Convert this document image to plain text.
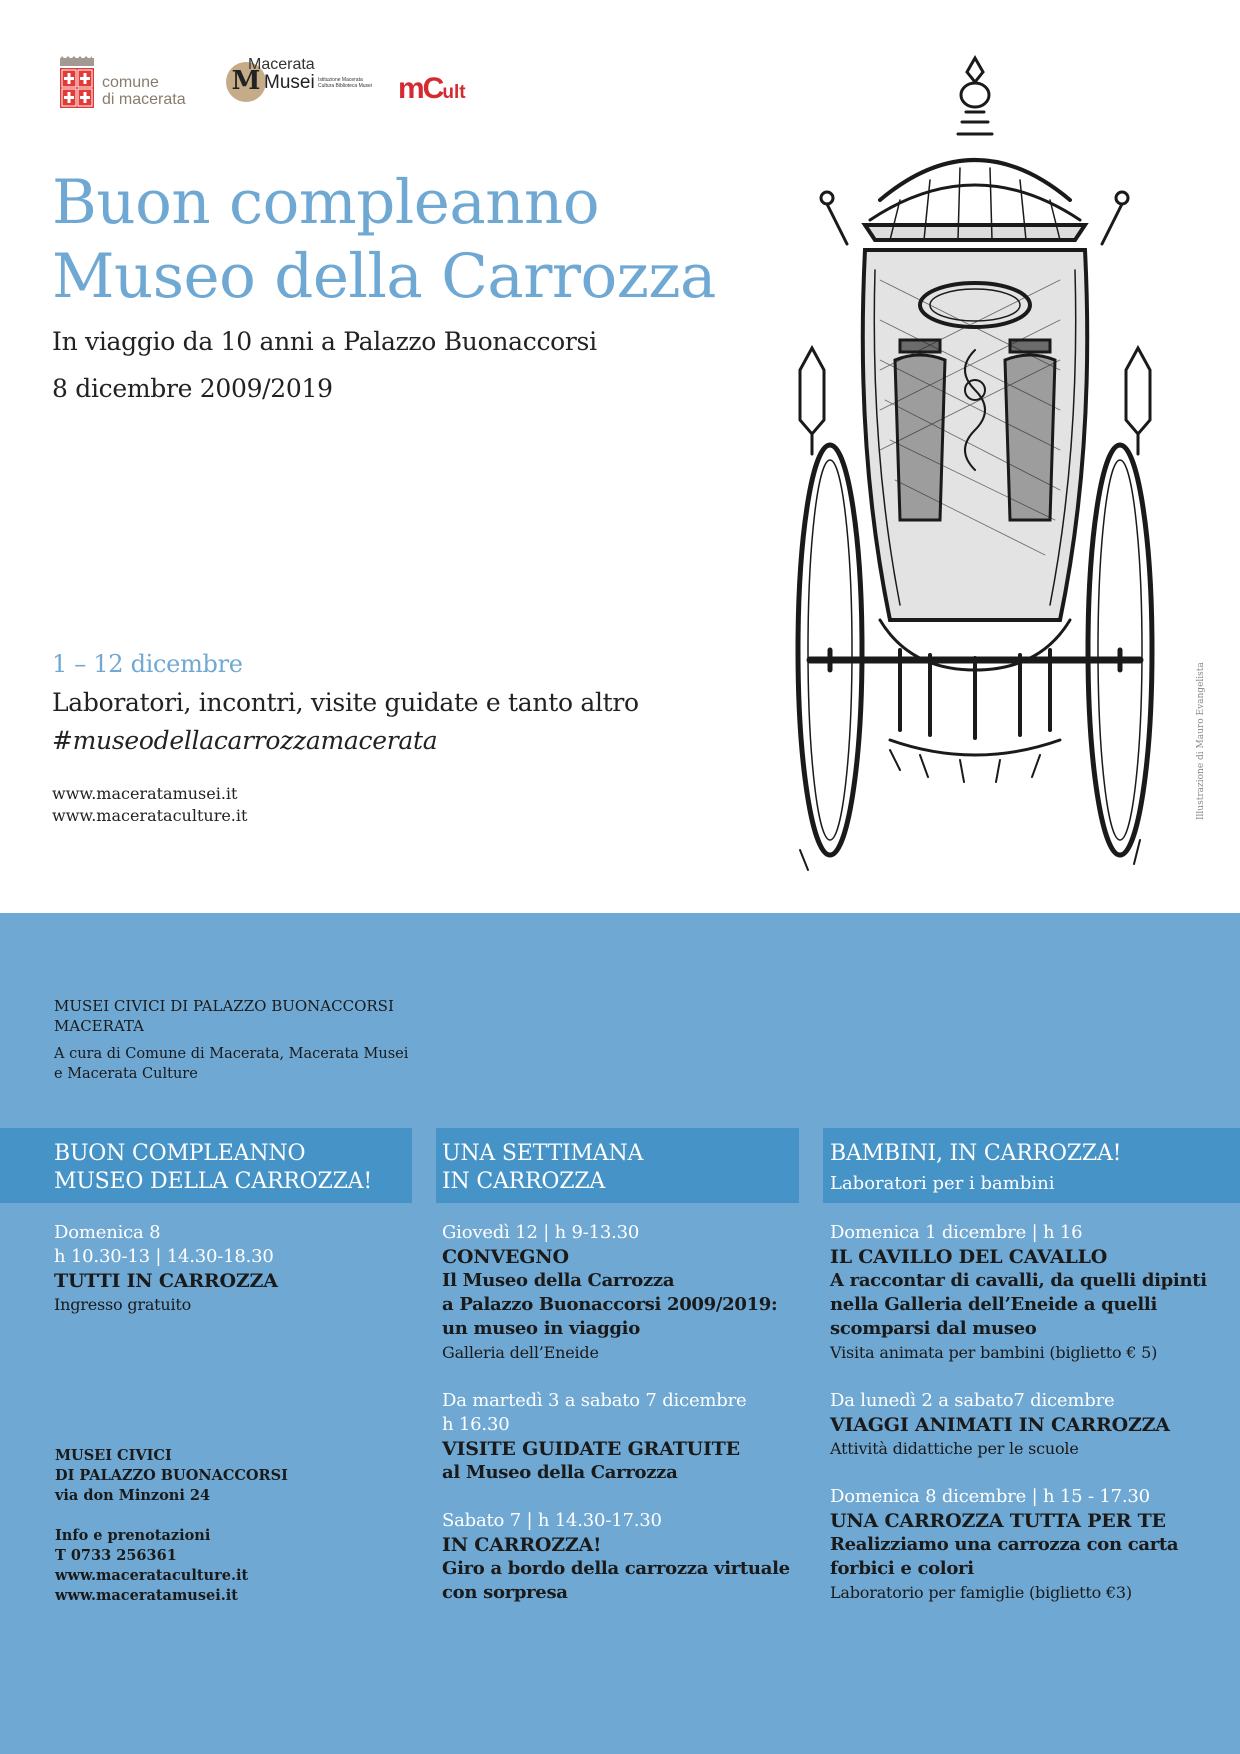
comune
di macerata
M
Macerata
Musei Istituzione Macerata Cultura Biblioteca Musei mCult
Buon compleanno
Museo della Carrozza
In viaggio da 10 anni a Palazzo Buonaccorsi
8 dicembre 2009/2019
1 – 12 dicembre
Laboratori, incontri, visite guidate e tanto altro
#museodellacarrozzamacerata
www.maceratamusei.it
www.macerataculture.it	Illustrazione di Mauro Evangelista
MUSEI CIVICI DI PALAZZO BUONACCORSI
MACERATA
A cura di Comune di Macerata, Macerata Musei
e Macerata Culture
BUON COMPLEANNO
MUSEO DELLA CARROZZA!
UNA SETTIMANA
IN CARROZZA
BAMBINI, IN CARROZZA!
Laboratori per i bambini
Domenica 8
h 10.30-13 | 14.30-18.30
TUTTI IN CARROZZA
Ingresso gratuito
Giovedì 12 | h 9-13.30
CONVEGNO
Il Museo della Carrozza
a Palazzo Buonaccorsi 2009/2019:
un museo in viaggio
Galleria dell’Eneide
Da martedì 3 a sabato 7 dicembre
h 16.30
VISITE GUIDATE GRATUITE
al Museo della Carrozza
Sabato 7 | h 14.30-17.30
IN CARROZZA!
Giro a bordo della carrozza virtuale
con sorpresa
Domenica 1 dicembre | h 16
IL CAVILLO DEL CAVALLO
A raccontar di cavalli, da quelli dipinti
nella Galleria dell’Eneide a quelli
scomparsi dal museo
Visita animata per bambini (biglietto € 5)
Da lunedì 2 a sabato7 dicembre
VIAGGI ANIMATI IN CARROZZA
Attività didattiche per le scuole
Domenica 8 dicembre | h 15 - 17.30
UNA CARROZZA TUTTA PER TE
Realizziamo una carrozza con carta
forbici e colori
Laboratorio per famiglie (biglietto €3)
MUSEI CIVICI
DI PALAZZO BUONACCORSI
via don Minzoni 24
Info e prenotazioni
T 0733 256361
www.macerataculture.it
www.maceratamusei.it
